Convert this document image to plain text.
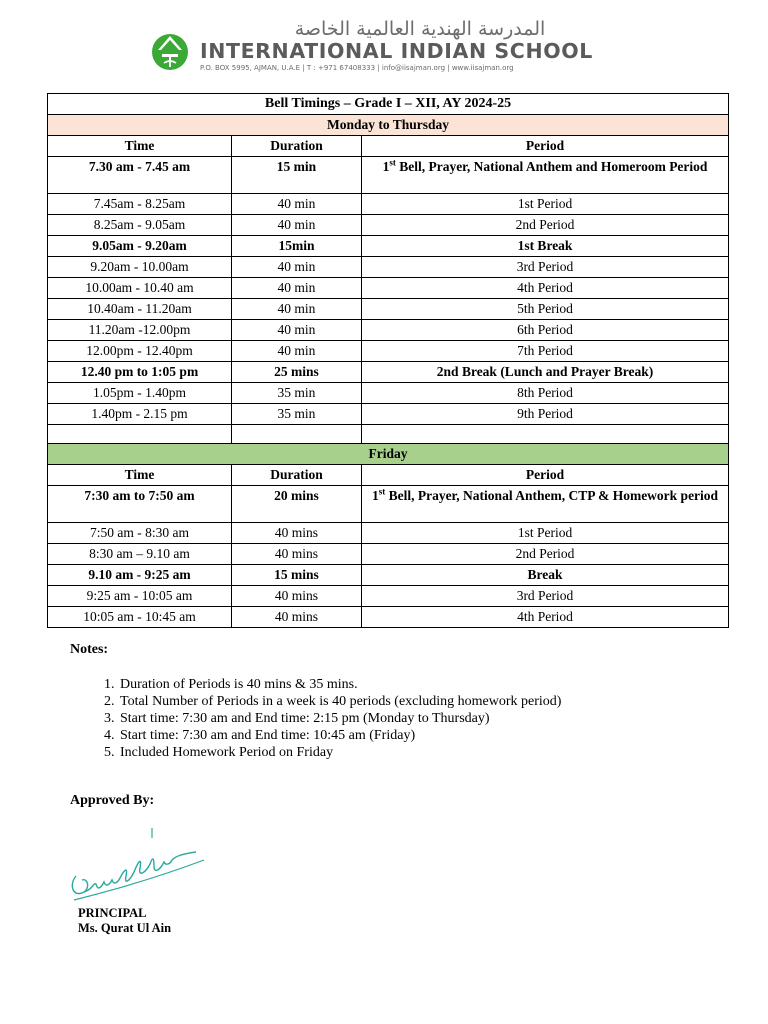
المدرسة الهندية العالمية الخاصة
INTERNATIONAL INDIAN SCHOOL
P.O. BOX 5995, AJMAN, U.A.E | T : +971 67408333 | info@iisajman.org | www.iisajman.org
Bell Timings – Grade I – XII, AY 2024-25		
Monday to Thursday		
Time	Duration	Period
7.30 am - 7.45 am	15 min	1st Bell, Prayer, National Anthem and Homeroom Period
7.45am - 8.25am	40 min	1st Period
8.25am - 9.05am	40 min	2nd Period
9.05am - 9.20am	15min	1st Break
9.20am - 10.00am	40 min	3rd Period
10.00am - 10.40 am	40 min	4th Period
10.40am - 11.20am	40 min	5th Period
11.20am -12.00pm	40 min	6th Period
12.00pm - 12.40pm	40 min	7th Period
12.40 pm to 1:05 pm	25 mins	2nd Break (Lunch and Prayer Break)
1.05pm - 1.40pm	35 min	8th Period
1.40pm - 2.15 pm	35 min	9th Period

Friday		
Time	Duration	Period
7:30 am to 7:50 am	20 mins	1st Bell, Prayer, National Anthem, CTP & Homework period
7:50 am - 8:30 am	40 mins	1st Period
8:30 am – 9.10 am	40 mins	2nd Period
9.10 am - 9:25 am	15 mins	Break
9:25 am - 10:05 am	40 mins	3rd Period
10:05 am - 10:45 am	40 mins	4th Period
Notes:
1. Duration of Periods is 40 mins & 35 mins.
2. Total Number of Periods in a week is 40 periods (excluding homework period)
3. Start time: 7:30 am and End time: 2:15 pm (Monday to Thursday)
4. Start time: 7:30 am and End time: 10:45 am (Friday)
5. Included Homework Period on Friday
Approved By:
PRINCIPAL
Ms. Qurat Ul Ain
